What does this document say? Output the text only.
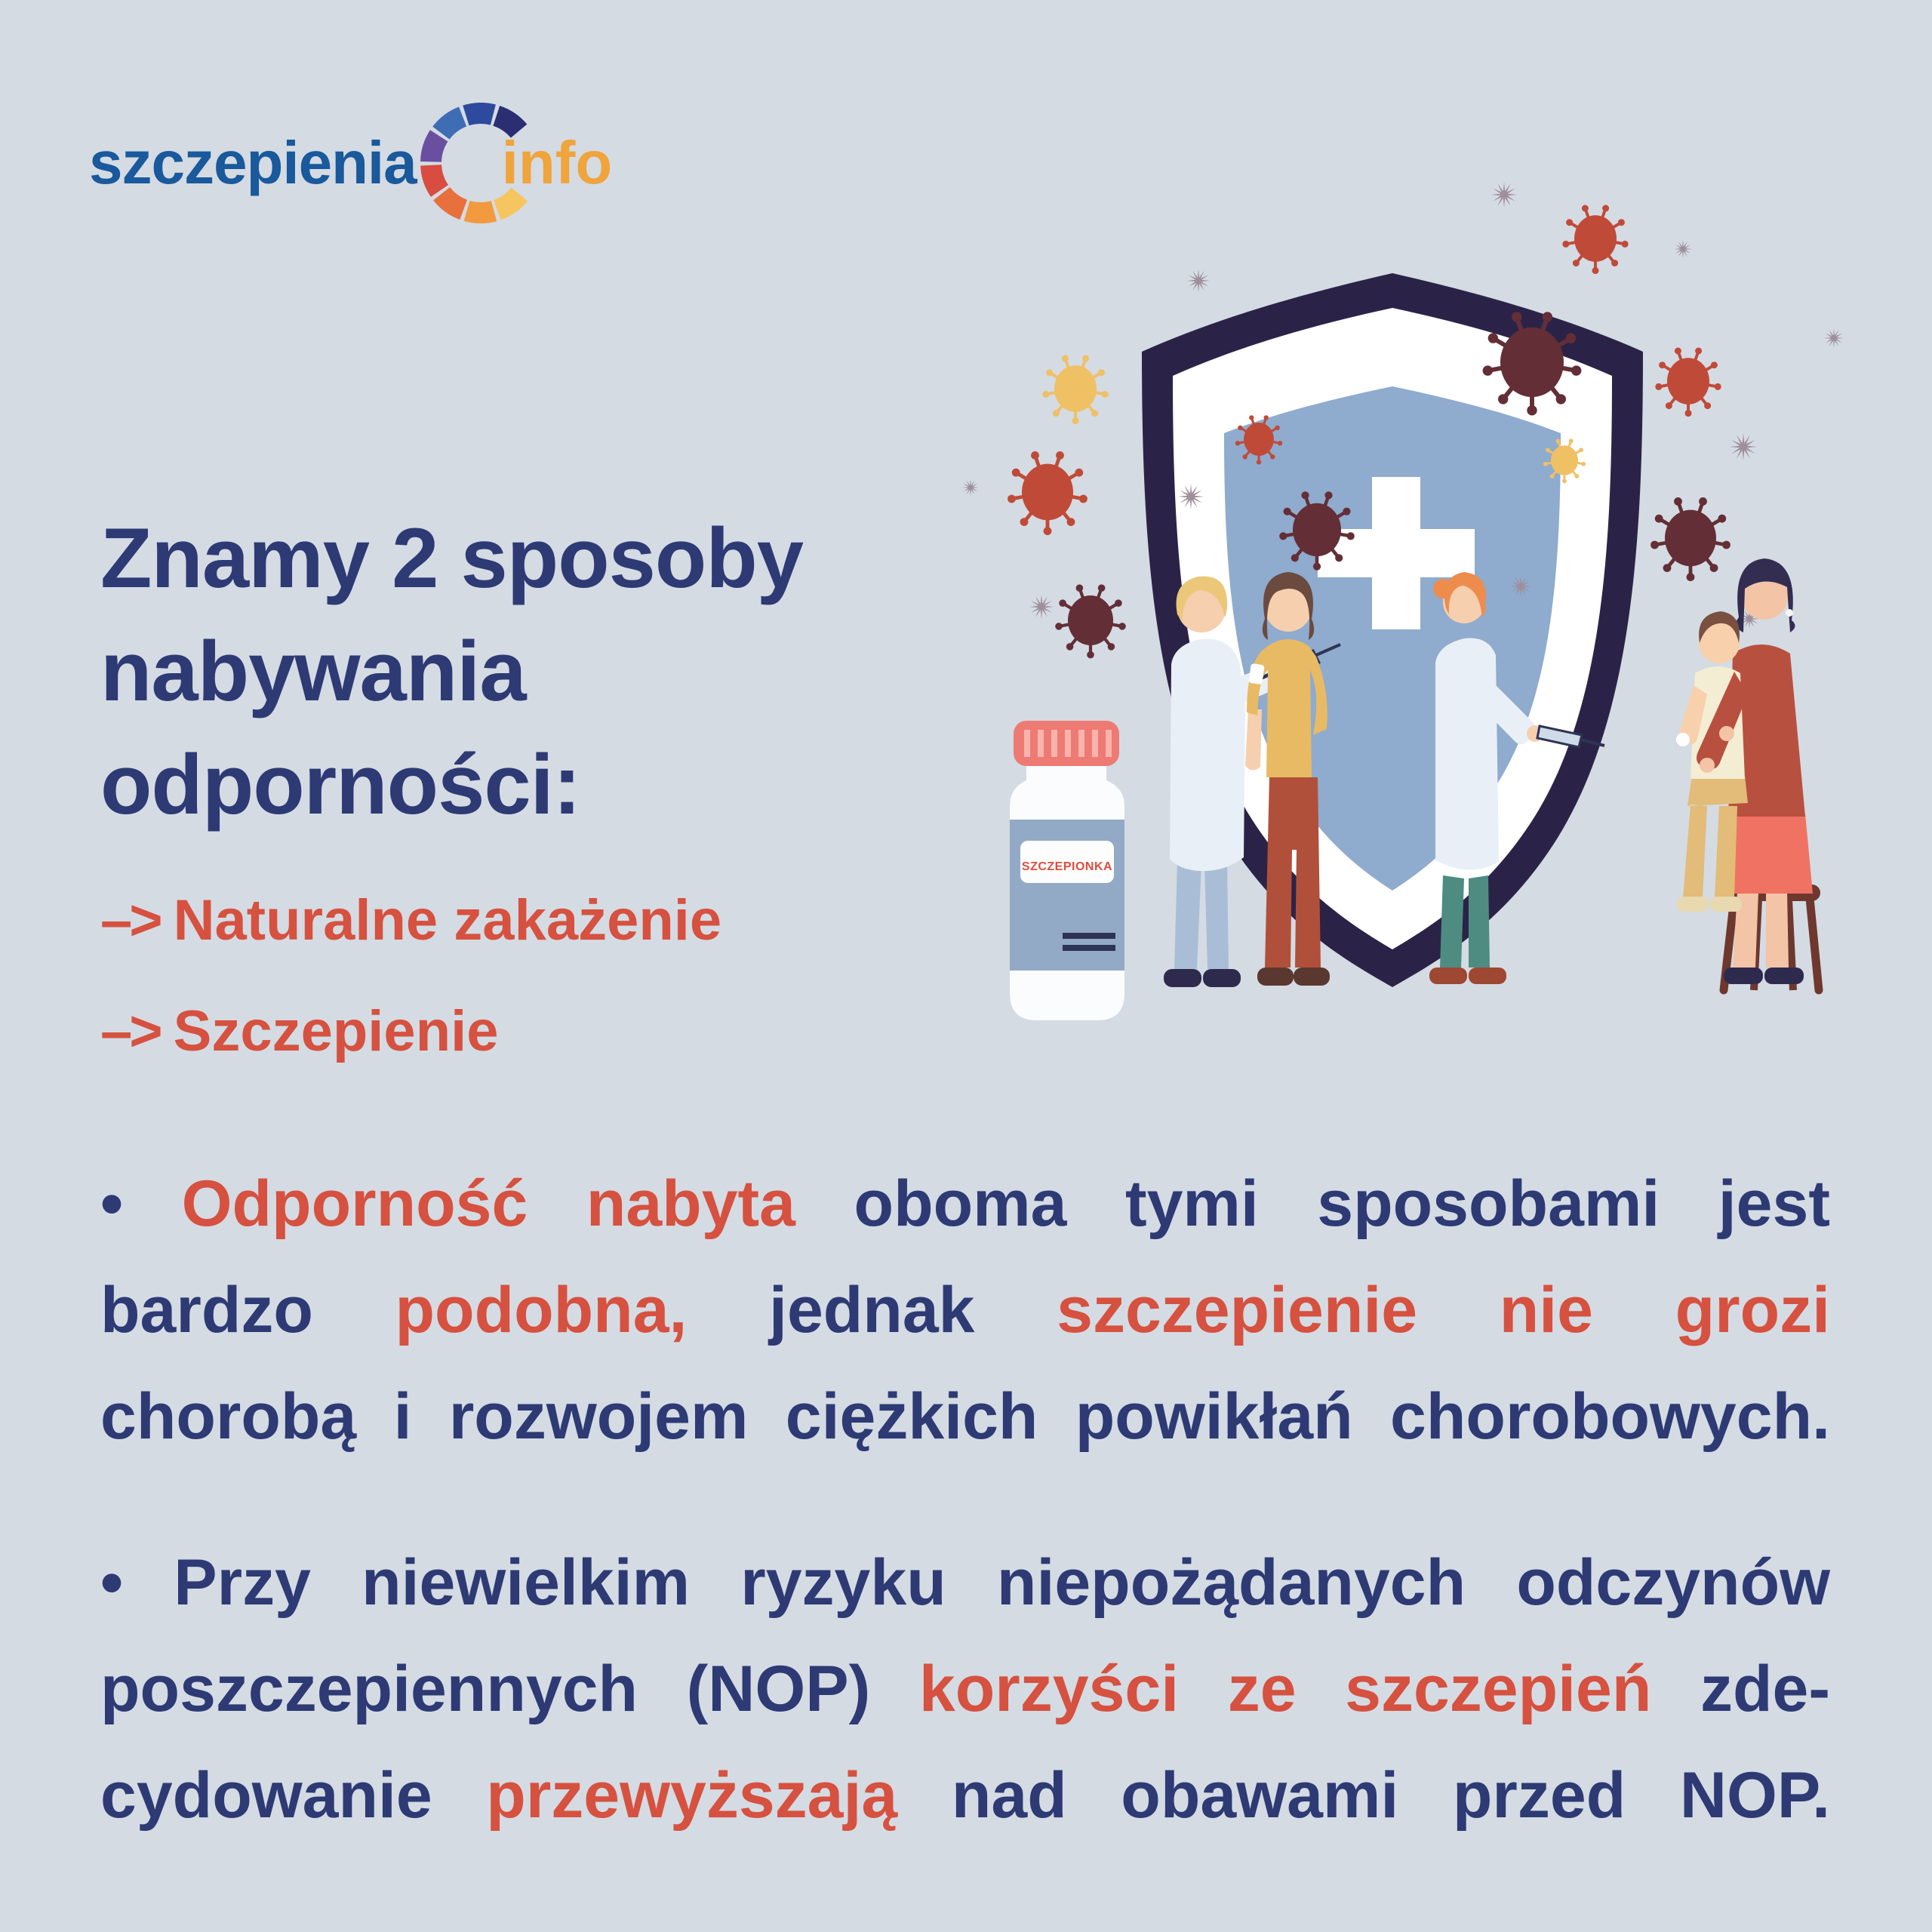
szczepienia info
Znamy 2 sposoby
nabywania
odporności:
–> Naturalne zakażenie
–> Szczepienie
SZCZEPIONKA
• Odporność nabyta oboma tymi sposobami jest
bardzo podobna, jednak szczepienie nie grozi
chorobą i rozwojem ciężkich powikłań chorobowych.
• Przy niewielkim ryzyku niepożądanych odczynów
poszczepiennych (NOP) korzyści ze szczepień zde-
cydowanie przewyższają nad obawami przed NOP.
